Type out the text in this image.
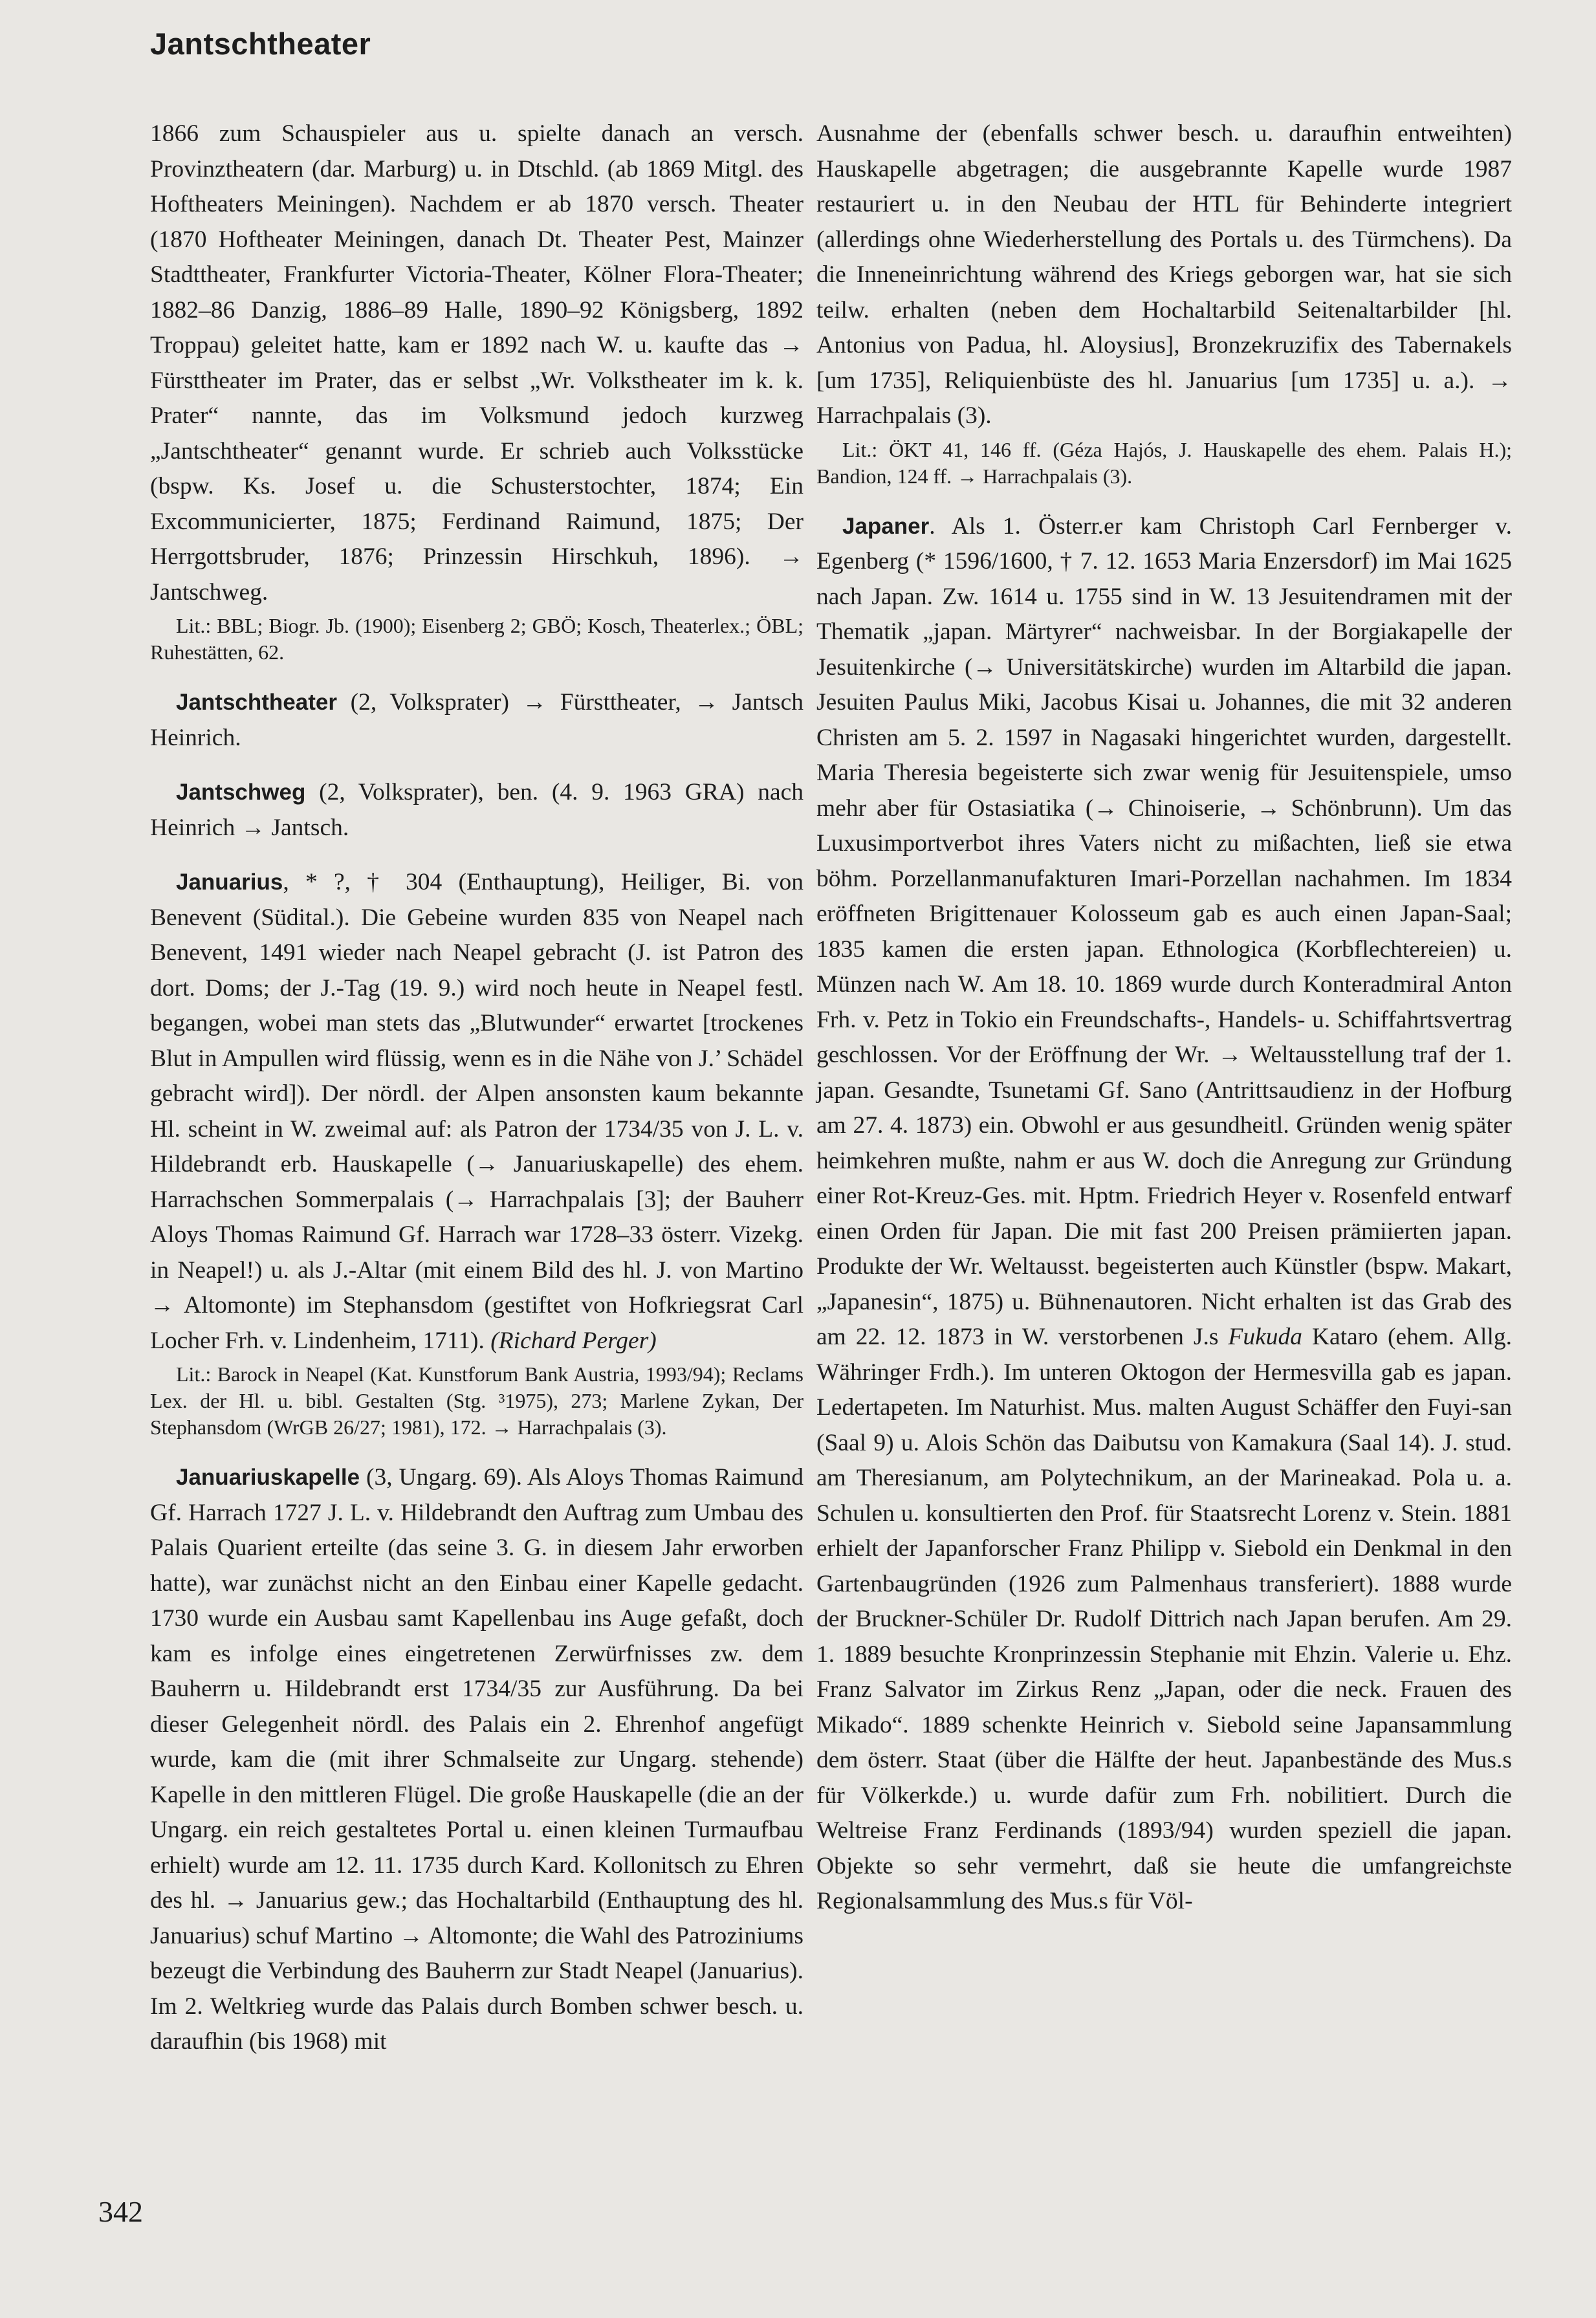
Jantschtheater

1866 zum Schauspieler aus u. spielte danach an versch. Provinztheatern (dar. Marburg) u. in Dtschld. (ab 1869 Mitgl. des Hoftheaters Meiningen). Nachdem er ab 1870 versch. Theater (1870 Hoftheater Meiningen, danach Dt. Theater Pest, Mainzer Stadttheater, Frankfurter Victoria-Theater, Kölner Flora-Theater; 1882–86 Danzig, 1886–89 Halle, 1890–92 Königsberg, 1892 Troppau) geleitet hatte, kam er 1892 nach W. u. kaufte das → Fürsttheater im Prater, das er selbst „Wr. Volkstheater im k. k. Prater“ nannte, das im Volksmund jedoch kurzweg „Jantschtheater“ genannt wurde. Er schrieb auch Volksstücke (bspw. Ks. Josef u. die Schusterstochter, 1874; Ein Excommunicierter, 1875; Ferdinand Raimund, 1875; Der Herrgottsbruder, 1876; Prinzessin Hirschkuh, 1896). → Jantschweg.

Lit.: BBL; Biogr. Jb. (1900); Eisenberg 2; GBÖ; Kosch, Theaterlex.; ÖBL; Ruhestätten, 62.

Jantschtheater (2, Volksprater) → Fürsttheater, → Jantsch Heinrich.

Jantschweg (2, Volksprater), ben. (4. 9. 1963 GRA) nach Heinrich → Jantsch.

Januarius, * ?, † 304 (Enthauptung), Heiliger, Bi. von Benevent (Südital.). Die Gebeine wurden 835 von Neapel nach Benevent, 1491 wieder nach Neapel gebracht (J. ist Patron des dort. Doms; der J.-Tag (19. 9.) wird noch heute in Neapel festl. begangen, wobei man stets das „Blutwunder“ erwartet [trockenes Blut in Ampullen wird flüssig, wenn es in die Nähe von J.’ Schädel gebracht wird]). Der nördl. der Alpen ansonsten kaum bekannte Hl. scheint in W. zweimal auf: als Patron der 1734/35 von J. L. v. Hildebrandt erb. Hauskapelle (→ Januariuskapelle) des ehem. Harrachschen Sommerpalais (→ Harrachpalais [3]; der Bauherr Aloys Thomas Raimund Gf. Harrach war 1728–33 österr. Vizekg. in Neapel!) u. als J.-Altar (mit einem Bild des hl. J. von Martino → Altomonte) im Stephansdom (gestiftet von Hofkriegsrat Carl Locher Frh. v. Lindenheim, 1711). (Richard Perger)

Lit.: Barock in Neapel (Kat. Kunstforum Bank Austria, 1993/94); Reclams Lex. der Hl. u. bibl. Gestalten (Stg. ³1975), 273; Marlene Zykan, Der Stephansdom (WrGB 26/27; 1981), 172. → Harrachpalais (3).

Januariuskapelle (3, Ungarg. 69). Als Aloys Thomas Raimund Gf. Harrach 1727 J. L. v. Hildebrandt den Auftrag zum Umbau des Palais Quarient erteilte (das seine 3. G. in diesem Jahr erworben hatte), war zunächst nicht an den Einbau einer Kapelle gedacht. 1730 wurde ein Ausbau samt Kapellenbau ins Auge gefaßt, doch kam es infolge eines eingetretenen Zerwürfnisses zw. dem Bauherrn u. Hildebrandt erst 1734/35 zur Ausführung. Da bei dieser Gelegenheit nördl. des Palais ein 2. Ehrenhof angefügt wurde, kam die (mit ihrer Schmalseite zur Ungarg. stehende) Kapelle in den mittleren Flügel. Die große Hauskapelle (die an der Ungarg. ein reich gestaltetes Portal u. einen kleinen Turmaufbau erhielt) wurde am 12. 11. 1735 durch Kard. Kollonitsch zu Ehren des hl. → Januarius gew.; das Hochaltarbild (Enthauptung des hl. Januarius) schuf Martino → Altomonte; die Wahl des Patroziniums bezeugt die Verbindung des Bauherrn zur Stadt Neapel (Januarius). Im 2. Weltkrieg wurde das Palais durch Bomben schwer besch. u. daraufhin (bis 1968) mit

Ausnahme der (ebenfalls schwer besch. u. daraufhin entweihten) Hauskapelle abgetragen; die ausgebrannte Kapelle wurde 1987 restauriert u. in den Neubau der HTL für Behinderte integriert (allerdings ohne Wiederherstellung des Portals u. des Türmchens). Da die Inneneinrichtung während des Kriegs geborgen war, hat sie sich teilw. erhalten (neben dem Hochaltarbild Seitenaltarbilder [hl. Antonius von Padua, hl. Aloysius], Bronzekruzifix des Tabernakels [um 1735], Reliquienbüste des hl. Januarius [um 1735] u. a.). → Harrachpalais (3).

Lit.: ÖKT 41, 146 ff. (Géza Hajós, J. Hauskapelle des ehem. Palais H.); Bandion, 124 ff. → Harrachpalais (3).

Japaner. Als 1. Österr.er kam Christoph Carl Fernberger v. Egenberg (* 1596/1600, † 7. 12. 1653 Maria Enzersdorf) im Mai 1625 nach Japan. Zw. 1614 u. 1755 sind in W. 13 Jesuitendramen mit der Thematik „japan. Märtyrer“ nachweisbar. In der Borgiakapelle der Jesuitenkirche (→ Universitätskirche) wurden im Altarbild die japan. Jesuiten Paulus Miki, Jacobus Kisai u. Johannes, die mit 32 anderen Christen am 5. 2. 1597 in Nagasaki hingerichtet wurden, dargestellt. Maria Theresia begeisterte sich zwar wenig für Jesuitenspiele, umso mehr aber für Ostasiatika (→ Chinoiserie, → Schönbrunn). Um das Luxusimportverbot ihres Vaters nicht zu mißachten, ließ sie etwa böhm. Porzellanmanufakturen Imari-Porzellan nachahmen. Im 1834 eröffneten Brigittenauer Kolosseum gab es auch einen Japan-Saal; 1835 kamen die ersten japan. Ethnologica (Korbflechtereien) u. Münzen nach W. Am 18. 10. 1869 wurde durch Konteradmiral Anton Frh. v. Petz in Tokio ein Freundschafts-, Handels- u. Schiffahrtsvertrag geschlossen. Vor der Eröffnung der Wr. → Weltausstellung traf der 1. japan. Gesandte, Tsunetami Gf. Sano (Antrittsaudienz in der Hofburg am 27. 4. 1873) ein. Obwohl er aus gesundheitl. Gründen wenig später heimkehren mußte, nahm er aus W. doch die Anregung zur Gründung einer Rot-Kreuz-Ges. mit. Hptm. Friedrich Heyer v. Rosenfeld entwarf einen Orden für Japan. Die mit fast 200 Preisen prämiierten japan. Produkte der Wr. Weltausst. begeisterten auch Künstler (bspw. Makart, „Japanesin“, 1875) u. Bühnenautoren. Nicht erhalten ist das Grab des am 22. 12. 1873 in W. verstorbenen J.s Fukuda Kataro (ehem. Allg. Währinger Frdh.). Im unteren Oktogon der Hermesvilla gab es japan. Ledertapeten. Im Naturhist. Mus. malten August Schäffer den Fuyi-san (Saal 9) u. Alois Schön das Daibutsu von Kamakura (Saal 14). J. stud. am Theresianum, am Polytechnikum, an der Marineakad. Pola u. a. Schulen u. konsultierten den Prof. für Staatsrecht Lorenz v. Stein. 1881 erhielt der Japanforscher Franz Philipp v. Siebold ein Denkmal in den Gartenbaugründen (1926 zum Palmenhaus transferiert). 1888 wurde der Bruckner-Schüler Dr. Rudolf Dittrich nach Japan berufen. Am 29. 1. 1889 besuchte Kronprinzessin Stephanie mit Ehzin. Valerie u. Ehz. Franz Salvator im Zirkus Renz „Japan, oder die neck. Frauen des Mikado“. 1889 schenkte Heinrich v. Siebold seine Japansammlung dem österr. Staat (über die Hälfte der heut. Japanbestände des Mus.s für Völkerkde.) u. wurde dafür zum Frh. nobilitiert. Durch die Weltreise Franz Ferdinands (1893/94) wurden speziell die japan. Objekte so sehr vermehrt, daß sie heute die umfangreichste Regionalsammlung des Mus.s für Völ-

342
